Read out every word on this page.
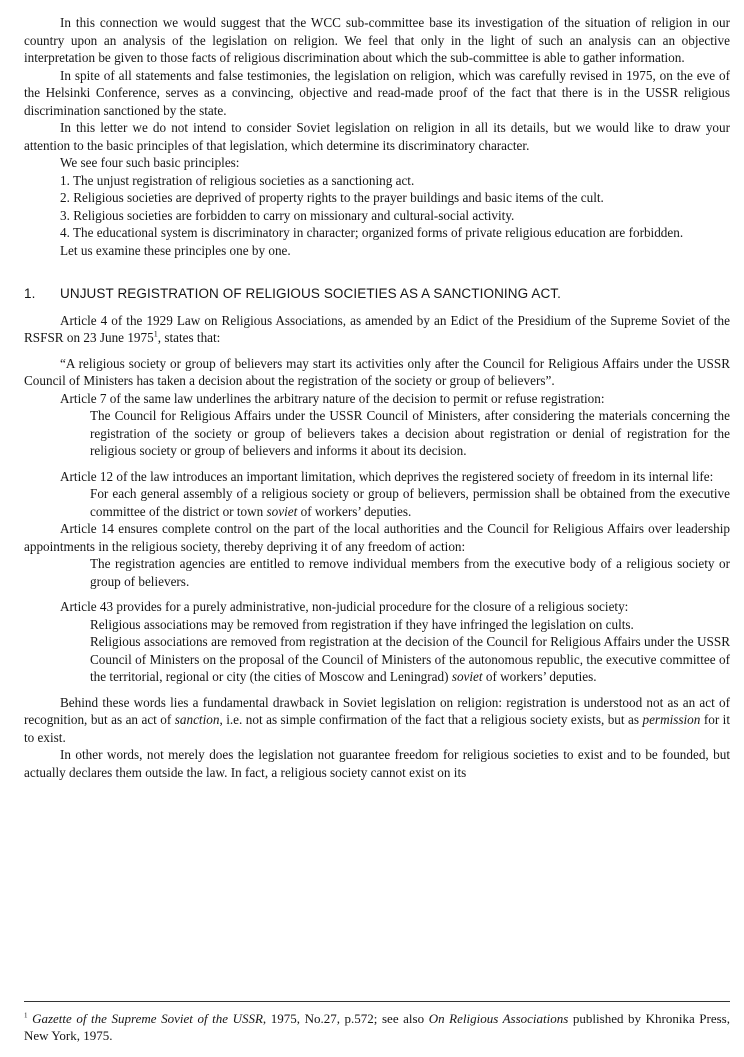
In this connection we would suggest that the WCC sub-committee base its investigation of the situation of religion in our country upon an analysis of the legislation on religion. We feel that only in the light of such an analysis can an objective interpretation be given to those facts of religious discrimination about which the sub-committee is able to gather information.

In spite of all statements and false testimonies, the legislation on religion, which was carefully revised in 1975, on the eve of the Helsinki Conference, serves as a convincing, objective and read-made proof of the fact that there is in the USSR religious discrimination sanctioned by the state.

In this letter we do not intend to consider Soviet legislation on religion in all its details, but we would like to draw your attention to the basic principles of that legislation, which determine its discriminatory character.

We see four such basic principles:

1. The unjust registration of religious societies as a sanctioning act.

2. Religious societies are deprived of property rights to the prayer buildings and basic items of the cult.

3. Religious societies are forbidden to carry on missionary and cultural-social activity.

4. The educational system is discriminatory in character; organized forms of private religious education are forbidden.

Let us examine these principles one by one.

1. UNJUST REGISTRATION OF RELIGIOUS SOCIETIES AS A SANCTIONING ACT.

Article 4 of the 1929 Law on Religious Associations, as amended by an Edict of the Presidium of the Supreme Soviet of the RSFSR on 23 June 1975$^1$, states that:

“A religious society or group of believers may start its activities only after the Council for Religious Affairs under the USSR Council of Ministers has taken a decision about the registration of the society or group of believers”.

Article 7 of the same law underlines the arbitrary nature of the decision to permit or refuse registration:

The Council for Religious Affairs under the USSR Council of Ministers, after considering the materials concerning the registration of the society or group of believers takes a decision about registration or denial of registration for the religious society or group of believers and informs it about its decision.

Article 12 of the law introduces an important limitation, which deprives the registered society of freedom in its internal life:

For each general assembly of a religious society or group of believers, permission shall be obtained from the executive committee of the district or town soviet of workers’ deputies.

Article 14 ensures complete control on the part of the local authorities and the Council for Religious Affairs over leadership appointments in the religious society, thereby depriving it of any freedom of action:

The registration agencies are entitled to remove individual members from the executive body of a religious society or group of believers.

Article 43 provides for a purely administrative, non-judicial procedure for the closure of a religious society:

Religious associations may be removed from registration if they have infringed the legislation on cults.

Religious associations are removed from registration at the decision of the Council for Religious Affairs under the USSR Council of Ministers on the proposal of the Council of Ministers of the autonomous republic, the executive committee of the territorial, regional or city (the cities of Moscow and Leningrad) soviet of workers’ deputies.

Behind these words lies a fundamental drawback in Soviet legislation on religion: registration is understood not as an act of recognition, but as an act of sanction, i.e. not as simple confirmation of the fact that a religious society exists, but as permission for it to exist.

In other words, not merely does the legislation not guarantee freedom for religious societies to exist and to be founded, but actually declares them outside the law. In fact, a religious society cannot exist on its

$^1$ Gazette of the Supreme Soviet of the USSR, 1975, No.27, p.572; see also On Religious Associations published by Khronika Press, New York, 1975.
